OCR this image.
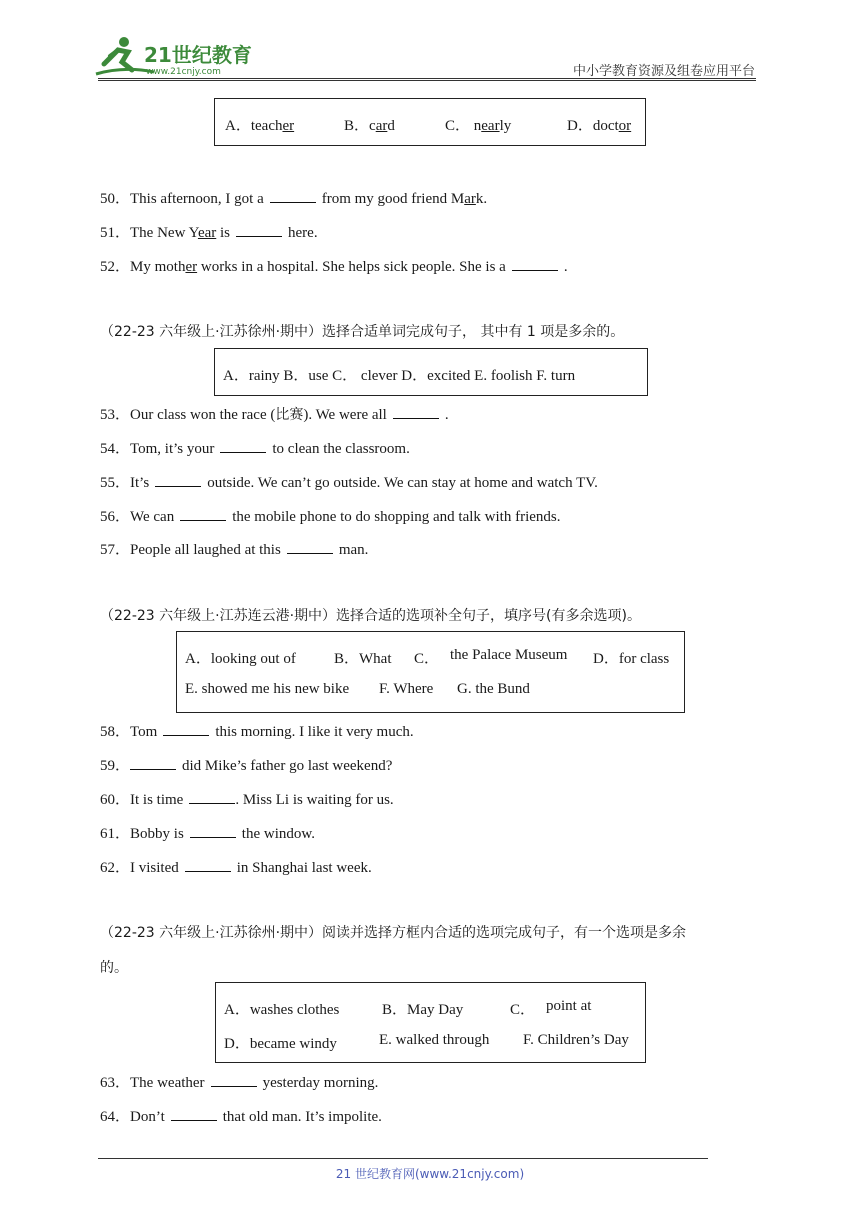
21世纪教育
www.21cnjy.com	中小学教育资源及组卷应用平台
A．teacher	B．card	C． nearly	D．doctor
50．This afternoon, I got a	from my good friend Mark.
51．The New Year is	here.
52．My mother works in a hospital. She helps sick people. She is a	.
（22-23 六年级上·江苏徐州·期中）选择合适单词完成句子， 其中有 1 项是多余的。
A．rainy B．use C． clever D．excited E. foolish F. turn
53．Our class won the race (比赛). We were all	.
54．Tom, it’s your	to clean the classroom.
55．It’s	outside. We can’t go outside. We can stay at home and watch TV.
56．We can	the mobile phone to do shopping and talk with friends.
57．People all laughed at this	man.
（22-23 六年级上·江苏连云港·期中）选择合适的选项补全句子，填序号(有多余选项)。
A．looking out of	B．What C． the Palace Museum D．for class
E. showed me his new bike F. Where G. the Bund
58．Tom	this morning. I like it very much.
59．	did Mike’s father go last weekend?
60．It is time	. Miss Li is waiting for us.
61．Bobby is	the window.
62．I visited	in Shanghai last week.
（22-23 六年级上·江苏徐州·期中）阅读并选择方框内合适的选项完成句子，有一个选项是多余
的。
A．washes clothes	B．May Day	C． point at
D．became windy	E. walked through F. Children’s Day
63．The weather	yesterday morning.
64．Don’t	that old man. It’s impolite.
21 世纪教育网(www.21cnjy.com)
